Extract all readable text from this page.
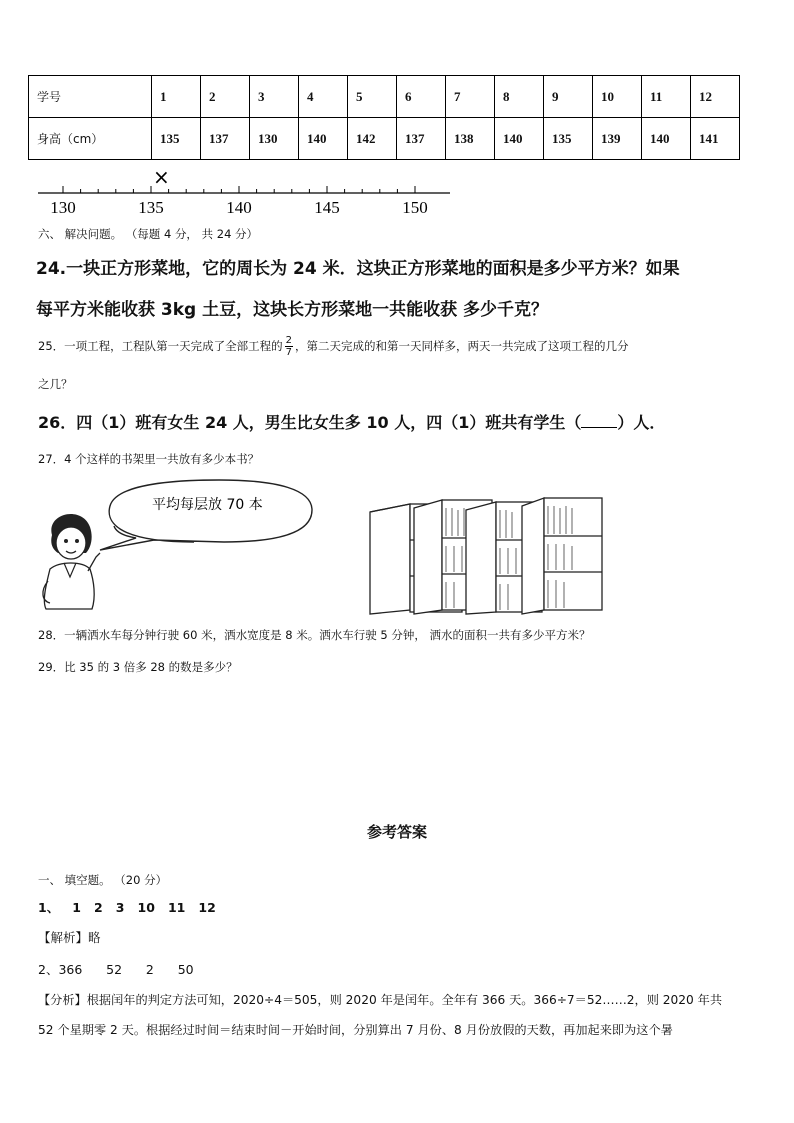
学号	1	2	3	4	5	6	7	8	9	10	11	12
身高（cm）	135	137	130	140	142	137	138	140	135	139	140	141
×
130	135	140	145	150
六、 解决问题。 （每题 4 分， 共 24 分）
24.一块正方形菜地，它的周长为 24 米．这块正方形菜地的面积是多少平方米？如果
每平方米能收获 3kg 土豆，这块长方形菜地一共能收获 多少千克？
25．一项工程，工程队第一天完成了全部工程的 $\frac{2}{7}$ ，第二天完成的和第一天同样多，两天一共完成了这项工程的几分
之几？
26．四（1）班有女生 24 人，男生比女生多 10 人，四（1）班共有学生（ ）人．
27．4 个这样的书架里一共放有多少本书？
平均每层放 70 本
28．一辆洒水车每分钟行驶 60 米，洒水宽度是 8 米。洒水车行驶 5 分钟， 洒水的面积一共有多少平方米？
29．比 35 的 3 倍多 28 的数是多少？
参考答案
一、 填空题。 （20 分）
1、   1   2   3   10   11   12
【解析】略
2、366      52      2      50
【分析】根据闰年的判定方法可知，2020÷4＝505，则 2020 年是闰年。全年有 366 天。366÷7＝52……2，则 2020 年共
52 个星期零 2 天。根据经过时间＝结束时间－开始时间，分别算出 7 月份、8 月份放假的天数，再加起来即为这个暑
